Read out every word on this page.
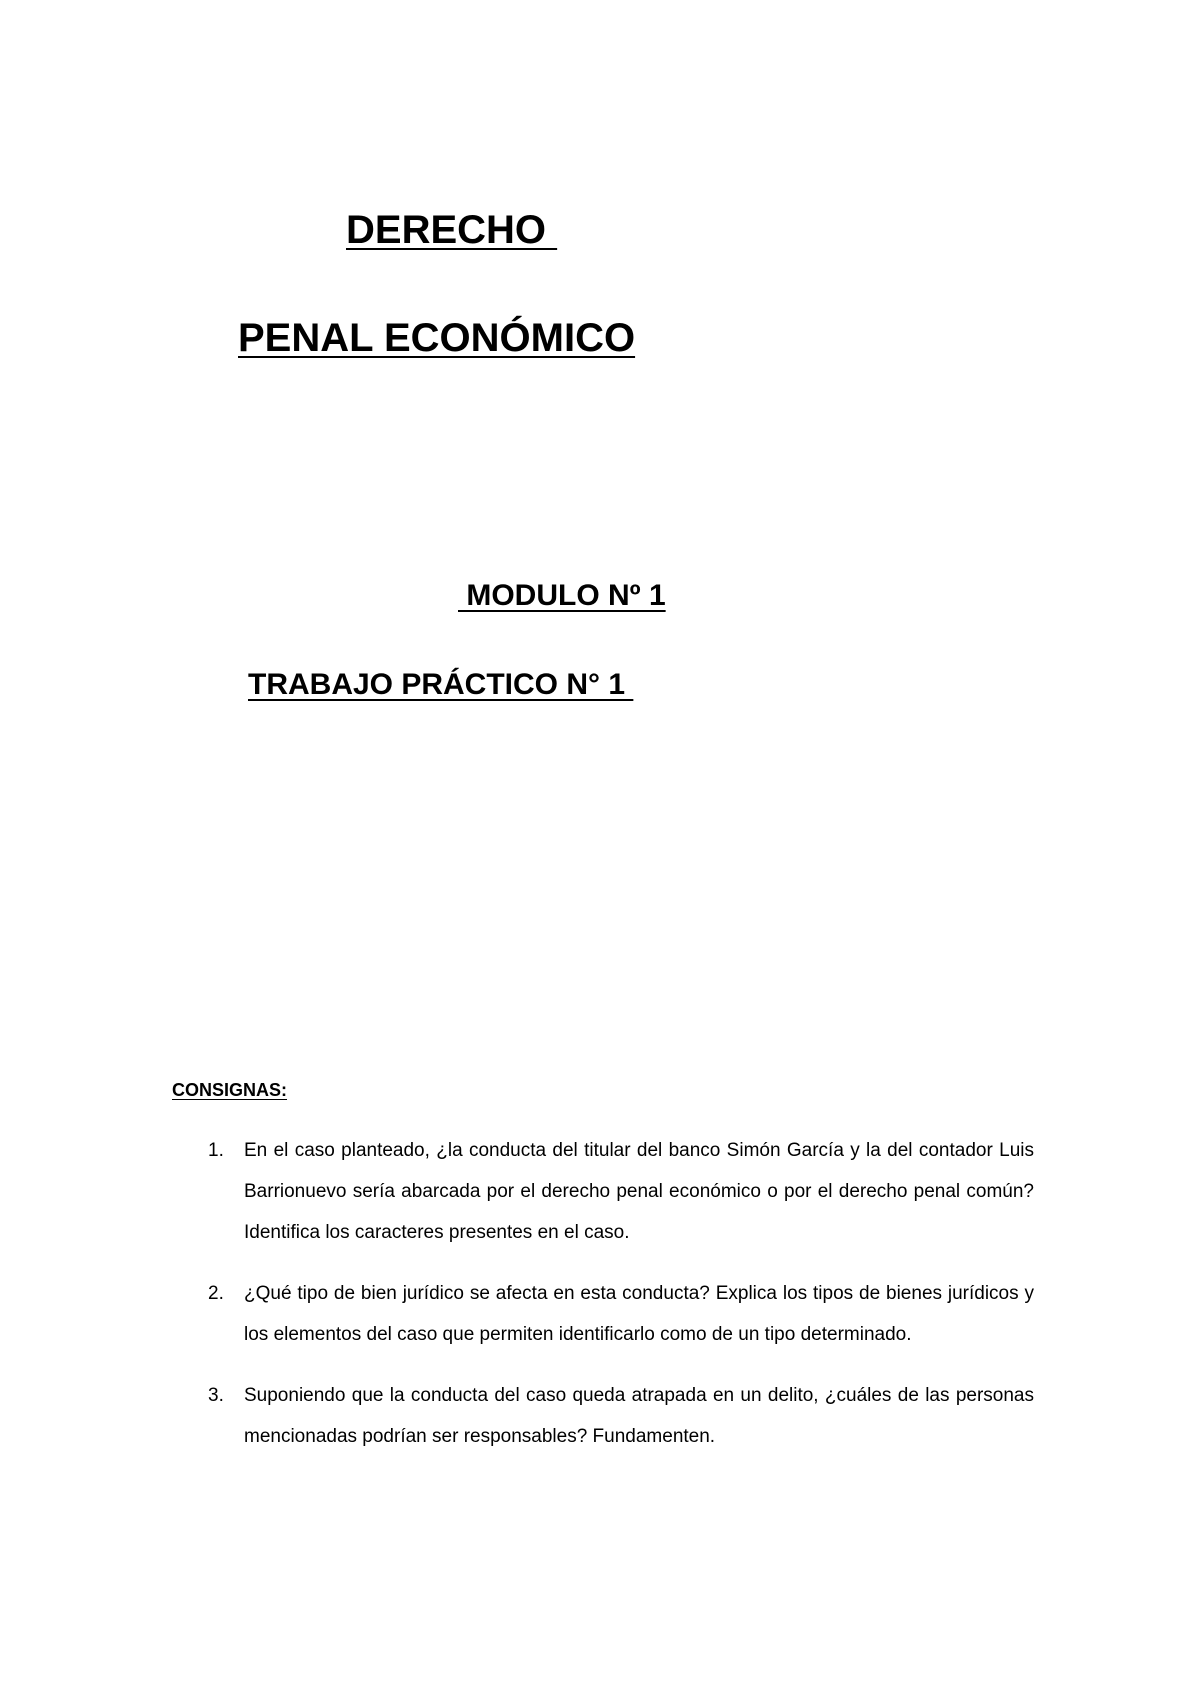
DERECHO
PENAL ECONÓMICO
MODULO Nº 1
TRABAJO PRÁCTICO N° 1
CONSIGNAS:
1. En el caso planteado, ¿la conducta del titular del banco Simón García y la del contador Luis Barrionuevo sería abarcada por el derecho penal económico o por el derecho penal común? Identifica los caracteres presentes en el caso.
2. ¿Qué tipo de bien jurídico se afecta en esta conducta? Explica los tipos de bienes jurídicos y los elementos del caso que permiten identificarlo como de un tipo determinado.
3. Suponiendo que la conducta del caso queda atrapada en un delito, ¿cuáles de las personas mencionadas podrían ser responsables? Fundamenten.
